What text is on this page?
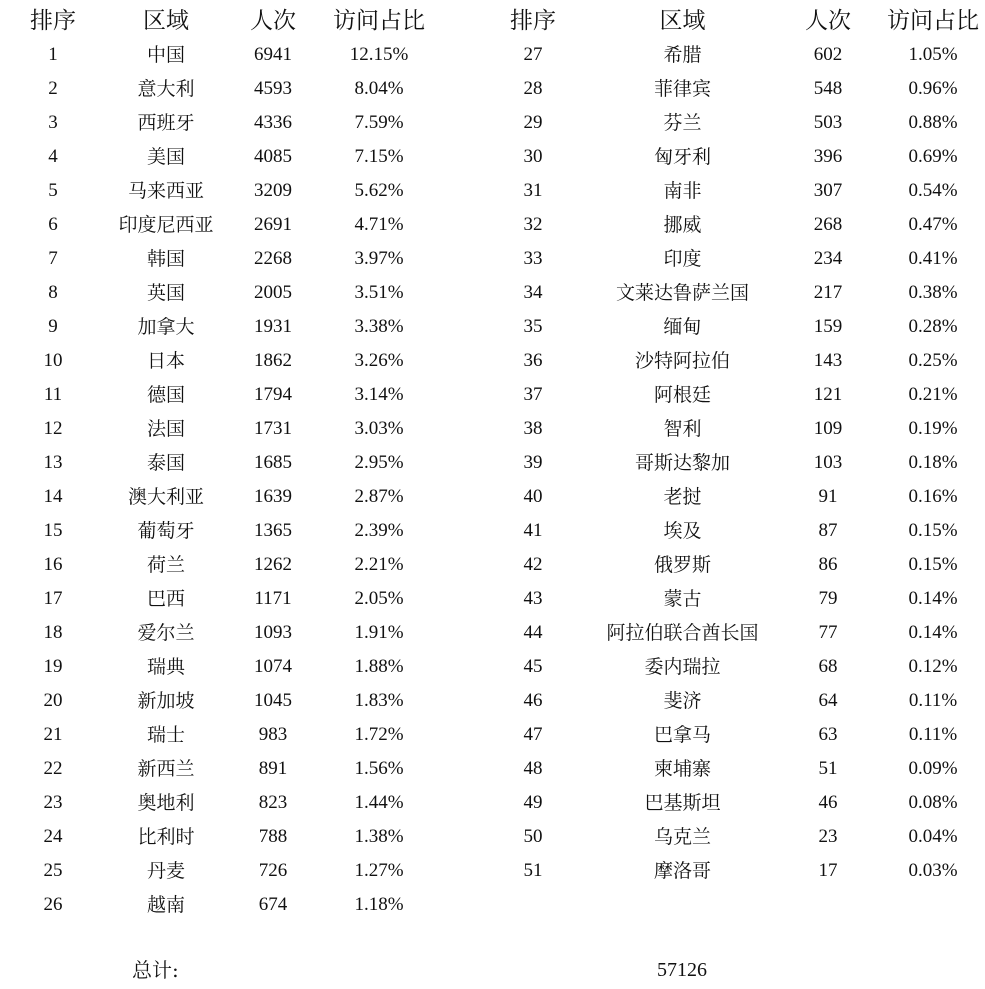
排序	区域	人次	访问占比
1	中国	6941	12.15%
2	意大利	4593	8.04%
3	西班牙	4336	7.59%
4	美国	4085	7.15%
5	马来西亚	3209	5.62%
6	印度尼西亚	2691	4.71%
7	韩国	2268	3.97%
8	英国	2005	3.51%
9	加拿大	1931	3.38%
10	日本	1862	3.26%
11	德国	1794	3.14%
12	法国	1731	3.03%
13	泰国	1685	2.95%
14	澳大利亚	1639	2.87%
15	葡萄牙	1365	2.39%
16	荷兰	1262	2.21%
17	巴西	1171	2.05%
18	爱尔兰	1093	1.91%
19	瑞典	1074	1.88%
20	新加坡	1045	1.83%
21	瑞士	983	1.72%
22	新西兰	891	1.56%
23	奥地利	823	1.44%
24	比利时	788	1.38%
25	丹麦	726	1.27%
26	越南	674	1.18%
排序	区域	人次	访问占比
27	希腊	602	1.05%
28	菲律宾	548	0.96%
29	芬兰	503	0.88%
30	匈牙利	396	0.69%
31	南非	307	0.54%
32	挪威	268	0.47%
33	印度	234	0.41%
34	文莱达鲁萨兰国	217	0.38%
35	缅甸	159	0.28%
36	沙特阿拉伯	143	0.25%
37	阿根廷	121	0.21%
38	智利	109	0.19%
39	哥斯达黎加	103	0.18%
40	老挝	91	0.16%
41	埃及	87	0.15%
42	俄罗斯	86	0.15%
43	蒙古	79	0.14%
44	阿拉伯联合酋长国	77	0.14%
45	委内瑞拉	68	0.12%
46	斐济	64	0.11%
47	巴拿马	63	0.11%
48	柬埔寨	51	0.09%
49	巴基斯坦	46	0.08%
50	乌克兰	23	0.04%
51	摩洛哥	17	0.03%
总计:	57126
